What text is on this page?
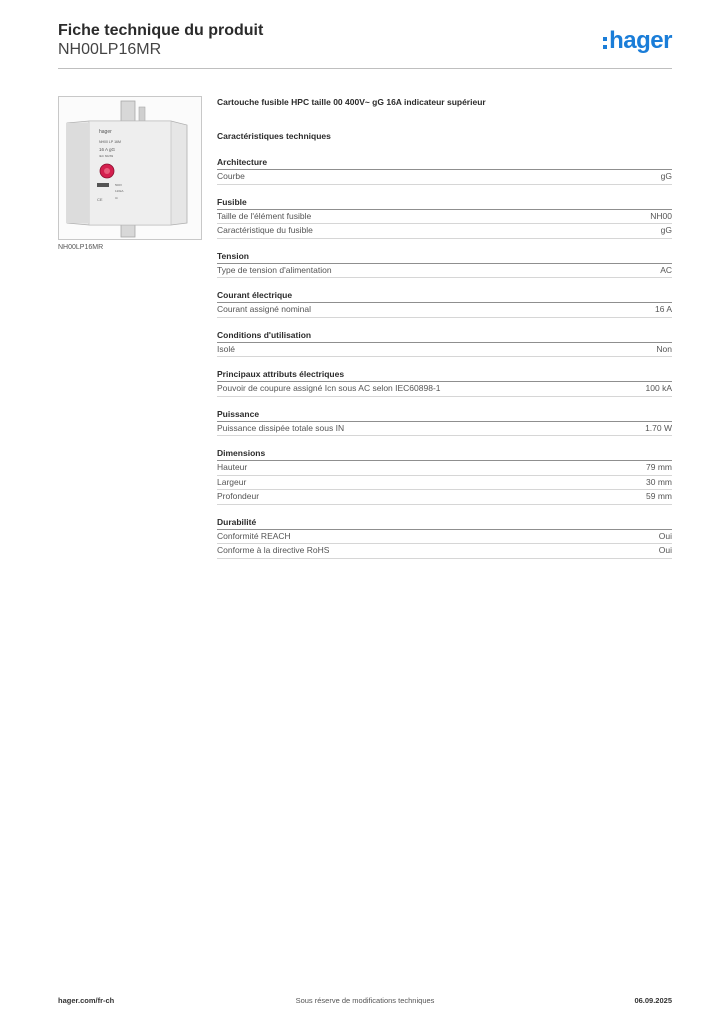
Fiche technique du produit
NH00LP16MR	hager
hager
NH00 LP 16M
16 A gG
IEC 60269
500V
120kA
Ui
CE
NH00LP16MR
Cartouche fusible HPC taille 00 400V~ gG 16A indicateur supérieur
Caractéristiques techniques
Architecture
Courbe	gG
Fusible
Taille de l'élément fusible	NH00
Caractéristique du fusible	gG
Tension
Type de tension d'alimentation	AC
Courant électrique
Courant assigné nominal	16 A
Conditions d'utilisation
Isolé	Non
Principaux attributs électriques
Pouvoir de coupure assigné Icn sous AC selon IEC60898-1	100 kA
Puissance
Puissance dissipée totale sous IN	1.70 W
Dimensions
Hauteur	79 mm
Largeur	30 mm
Profondeur	59 mm
Durabilité
Conformité REACH	Oui
Conforme à la directive RoHS	Oui
hager.com/fr-ch	Sous réserve de modifications techniques	06.09.2025
